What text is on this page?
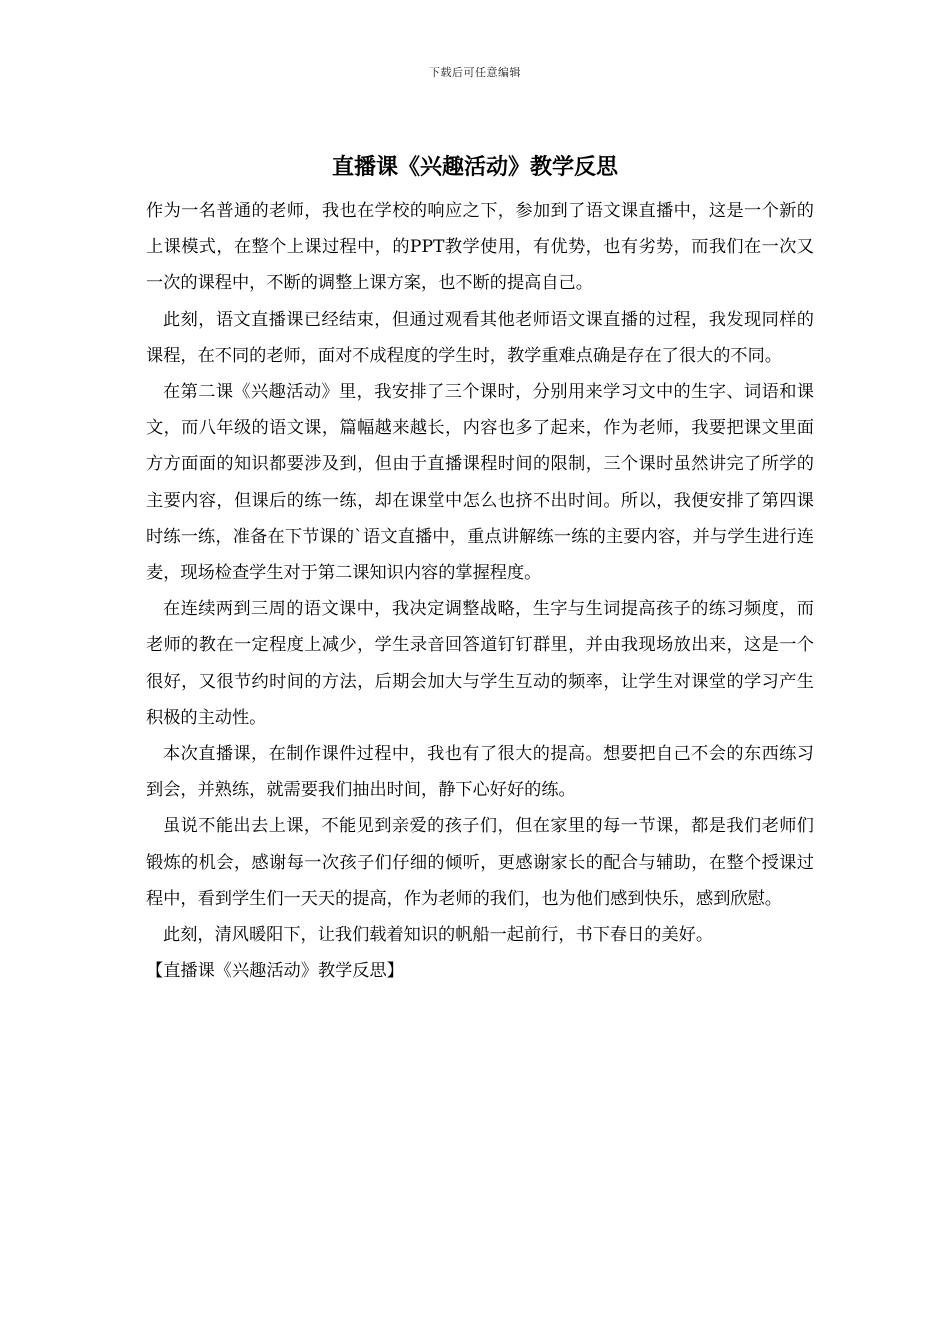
下载后可任意编辑
直播课《兴趣活动》教学反思

作为一名普通的老师，我也在学校的响应之下，参加到了语文课直播中，这是一个新的上课模式，在整个上课过程中，的PPT教学使用，有优势，也有劣势，而我们在一次又一次的课程中，不断的调整上课方案，也不断的提高自己。

此刻，语文直播课已经结束，但通过观看其他老师语文课直播的过程，我发现同样的课程，在不同的老师，面对不成程度的学生时，教学重难点确是存在了很大的不同。

在第二课《兴趣活动》里，我安排了三个课时，分别用来学习文中的生字、词语和课文，而八年级的语文课，篇幅越来越长，内容也多了起来，作为老师，我要把课文里面方方面面的知识都要涉及到，但由于直播课程时间的限制，三个课时虽然讲完了所学的主要内容，但课后的练一练，却在课堂中怎么也挤不出时间。所以，我便安排了第四课时练一练，准备在下节课的`语文直播中，重点讲解练一练的主要内容，并与学生进行连麦，现场检查学生对于第二课知识内容的掌握程度。

在连续两到三周的语文课中，我决定调整战略，生字与生词提高孩子的练习频度，而老师的教在一定程度上减少，学生录音回答道钉钉群里，并由我现场放出来，这是一个很好，又很节约时间的方法，后期会加大与学生互动的频率，让学生对课堂的学习产生积极的主动性。

本次直播课，在制作课件过程中，我也有了很大的提高。想要把自己不会的东西练习到会，并熟练，就需要我们抽出时间，静下心好好的练。

虽说不能出去上课，不能见到亲爱的孩子们，但在家里的每一节课，都是我们老师们锻炼的机会，感谢每一次孩子们仔细的倾听，更感谢家长的配合与辅助，在整个授课过程中，看到学生们一天天的提高，作为老师的我们，也为他们感到快乐，感到欣慰。

此刻，清风暖阳下，让我们载着知识的帆船一起前行，书下春日的美好。

【直播课《兴趣活动》教学反思】
